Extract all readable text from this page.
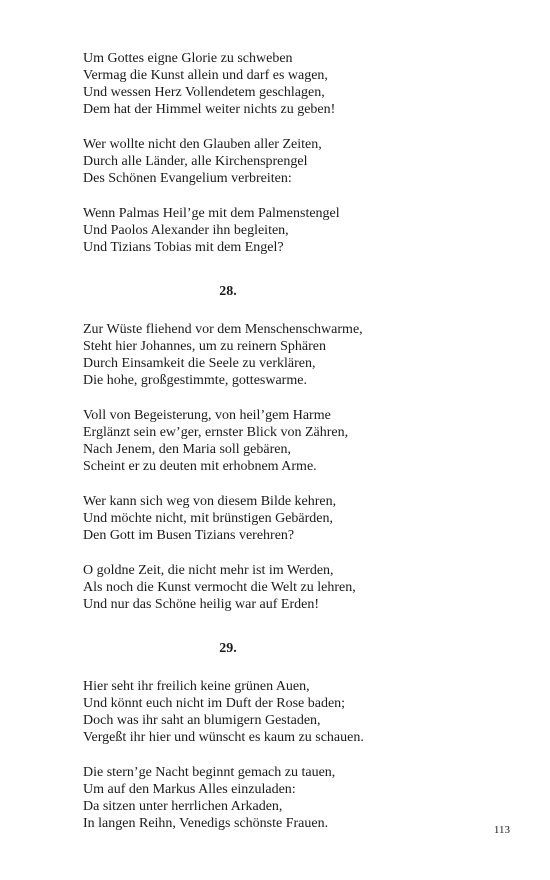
Um Gottes eigne Glorie zu schweben
Vermag die Kunst allein und darf es wagen,
Und wessen Herz Vollendetem geschlagen,
Dem hat der Himmel weiter nichts zu geben!
Wer wollte nicht den Glauben aller Zeiten,
Durch alle Länder, alle Kirchensprengel
Des Schönen Evangelium verbreiten:
Wenn Palmas Heil’ge mit dem Palmenstengel
Und Paolos Alexander ihn begleiten,
Und Tizians Tobias mit dem Engel?
28.
Zur Wüste fliehend vor dem Menschenschwarme,
Steht hier Johannes, um zu reinern Sphären
Durch Einsamkeit die Seele zu verklären,
Die hohe, großgestimmte, gotteswarme.
Voll von Begeisterung, von heil’gem Harme
Erglänzt sein ew’ger, ernster Blick von Zähren,
Nach Jenem, den Maria soll gebären,
Scheint er zu deuten mit erhobnem Arme.
Wer kann sich weg von diesem Bilde kehren,
Und möchte nicht, mit brünstigen Gebärden,
Den Gott im Busen Tizians verehren?
O goldne Zeit, die nicht mehr ist im Werden,
Als noch die Kunst vermocht die Welt zu lehren,
Und nur das Schöne heilig war auf Erden!
29.
Hier seht ihr freilich keine grünen Auen,
Und könnt euch nicht im Duft der Rose baden;
Doch was ihr saht an blumigern Gestaden,
Vergeßt ihr hier und wünscht es kaum zu schauen.
Die stern’ge Nacht beginnt gemach zu tauen,
Um auf den Markus Alles einzuladen:
Da sitzen unter herrlichen Arkaden,
In langen Reihn, Venedigs schönste Frauen.	113
